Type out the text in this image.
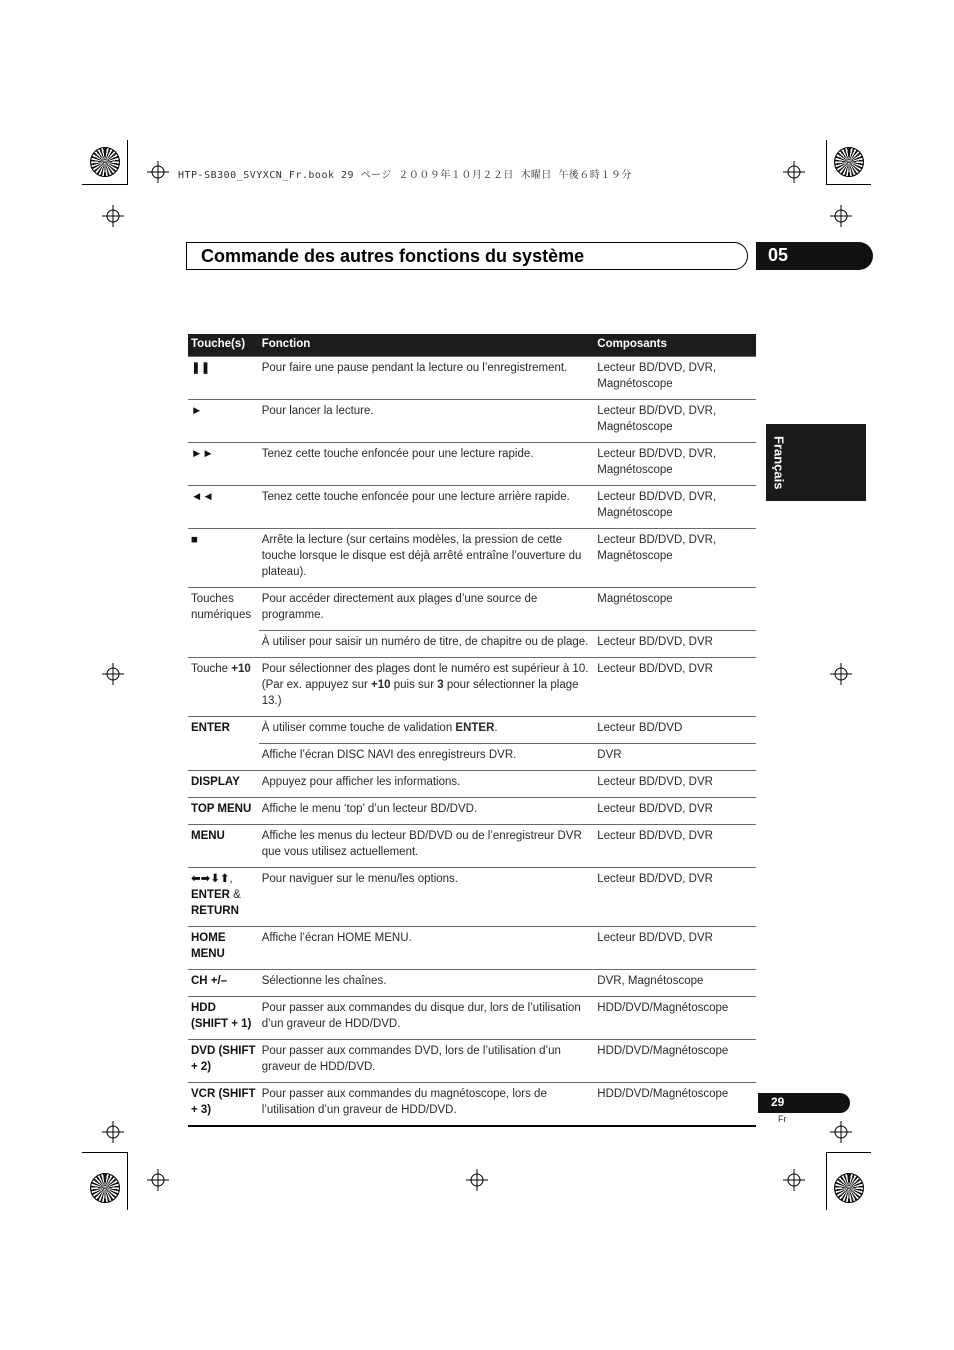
HTP-SB300_SVYXCN_Fr.book 29 ページ ２００９年１０月２２日 木曜日 午後６時１９分
Commande des autres fonctions du système	05
Français
Touche(s)	Fonction	Composants
❚❚	Pour faire une pause pendant la lecture ou l’enregistrement.	Lecteur BD/DVD, DVR, Magnétoscope
►	Pour lancer la lecture.	Lecteur BD/DVD, DVR, Magnétoscope
►►	Tenez cette touche enfoncée pour une lecture rapide.	Lecteur BD/DVD, DVR, Magnétoscope
◄◄	Tenez cette touche enfoncée pour une lecture arrière rapide.	Lecteur BD/DVD, DVR, Magnétoscope
■	Arrête la lecture (sur certains modèles, la pression de cette touche lorsque le disque est déjà arrêté entraîne l’ouverture du plateau).	Lecteur BD/DVD, DVR, Magnétoscope
Touches numériques	Pour accéder directement aux plages d’une source de programme.	Magnétoscope
	À utiliser pour saisir un numéro de titre, de chapitre ou de plage.	Lecteur BD/DVD, DVR
Touche +10	Pour sélectionner des plages dont le numéro est supérieur à 10. (Par ex. appuyez sur +10 puis sur 3 pour sélectionner la plage 13.)	Lecteur BD/DVD, DVR
ENTER	À utiliser comme touche de validation ENTER.	Lecteur BD/DVD
	Affiche l’écran DISC NAVI des enregistreurs DVR.	DVR
DISPLAY	Appuyez pour afficher les informations.	Lecteur BD/DVD, DVR
TOP MENU	Affiche le menu ‘top’ d’un lecteur BD/DVD.	Lecteur BD/DVD, DVR
MENU	Affiche les menus du lecteur BD/DVD ou de l’enregistreur DVR que vous utilisez actuellement.	Lecteur BD/DVD, DVR
⬅➡⬇⬆,
ENTER &
RETURN	Pour naviguer sur le menu/les options.	Lecteur BD/DVD, DVR
HOME MENU	Affiche l’écran HOME MENU.	Lecteur BD/DVD, DVR
CH +/–	Sélectionne les chaînes.	DVR, Magnétoscope
HDD (SHIFT + 1)	Pour passer aux commandes du disque dur, lors de l’utilisation d’un graveur de HDD/DVD.	HDD/DVD/Magnétoscope
DVD (SHIFT + 2)	Pour passer aux commandes DVD, lors de l’utilisation d’un graveur de HDD/DVD.	HDD/DVD/Magnétoscope
VCR (SHIFT + 3)	Pour passer aux commandes du magnétoscope, lors de l’utilisation d’un graveur de HDD/DVD.	HDD/DVD/Magnétoscope
29
Fr
